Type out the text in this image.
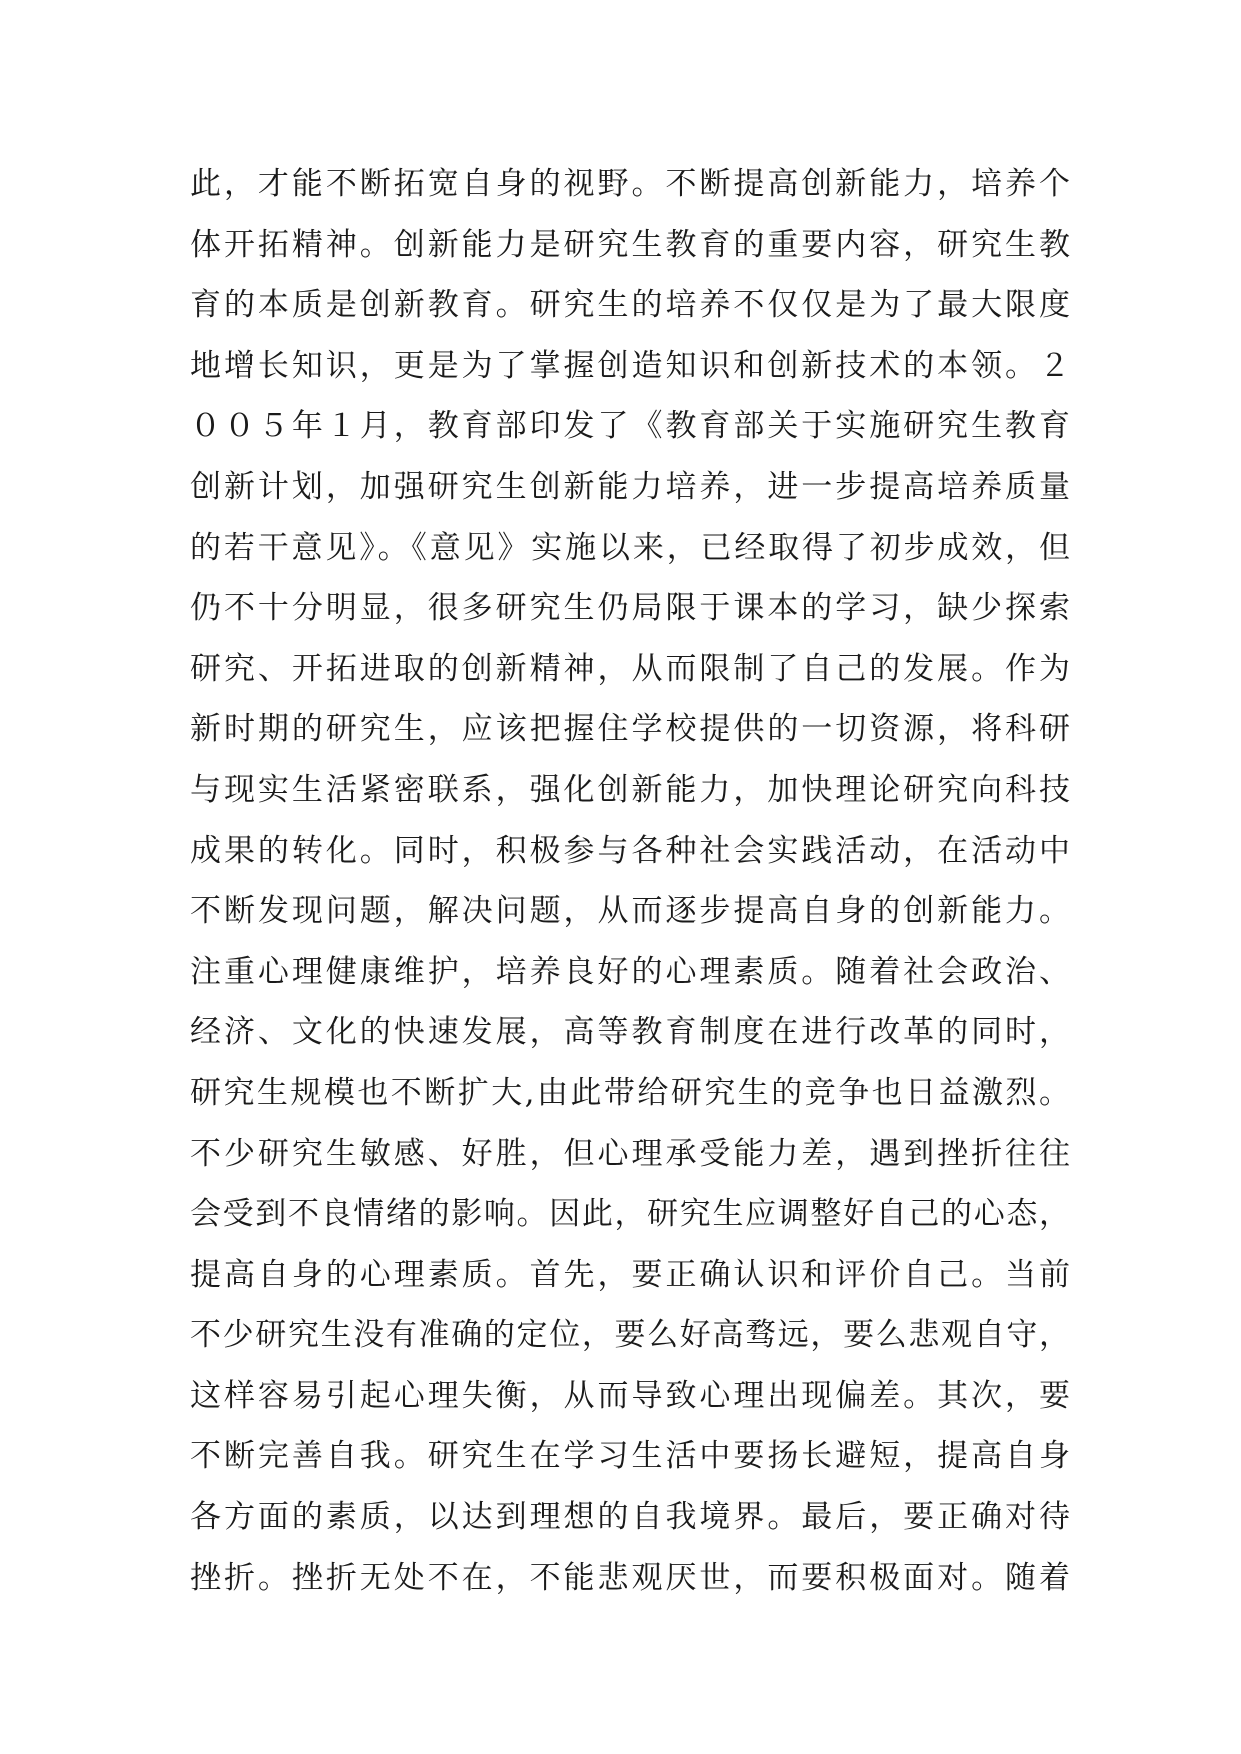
此，才能不断拓宽自身的视野。不断提高创新能力，培养个
体开拓精神。创新能力是研究生教育的重要内容，研究生教
育的本质是创新教育。研究生的培养不仅仅是为了最大限度
地增长知识，更是为了掌握创造知识和创新技术的本领。２
００５年１月，教育部印发了《教育部关于实施研究生教育
创新计划，加强研究生创新能力培养，进一步提高培养质量
的若干意见》。《意见》实施以来，已经取得了初步成效，但
仍不十分明显，很多研究生仍局限于课本的学习，缺少探索
研究、开拓进取的创新精神，从而限制了自己的发展。作为
新时期的研究生，应该把握住学校提供的一切资源，将科研
与现实生活紧密联系，强化创新能力，加快理论研究向科技
成果的转化。同时，积极参与各种社会实践活动，在活动中
不断发现问题，解决问题，从而逐步提高自身的创新能力。
注重心理健康维护，培养良好的心理素质。随着社会政治、
经济、文化的快速发展，高等教育制度在进行改革的同时，
研究生规模也不断扩大,由此带给研究生的竞争也日益激烈。
不少研究生敏感、好胜，但心理承受能力差，遇到挫折往往
会受到不良情绪的影响。因此，研究生应调整好自己的心态，
提高自身的心理素质。首先，要正确认识和评价自己。当前
不少研究生没有准确的定位，要么好高骛远，要么悲观自守，
这样容易引起心理失衡，从而导致心理出现偏差。其次，要
不断完善自我。研究生在学习生活中要扬长避短，提高自身
各方面的素质，以达到理想的自我境界。最后，要正确对待
挫折。挫折无处不在，不能悲观厌世，而要积极面对。随着
